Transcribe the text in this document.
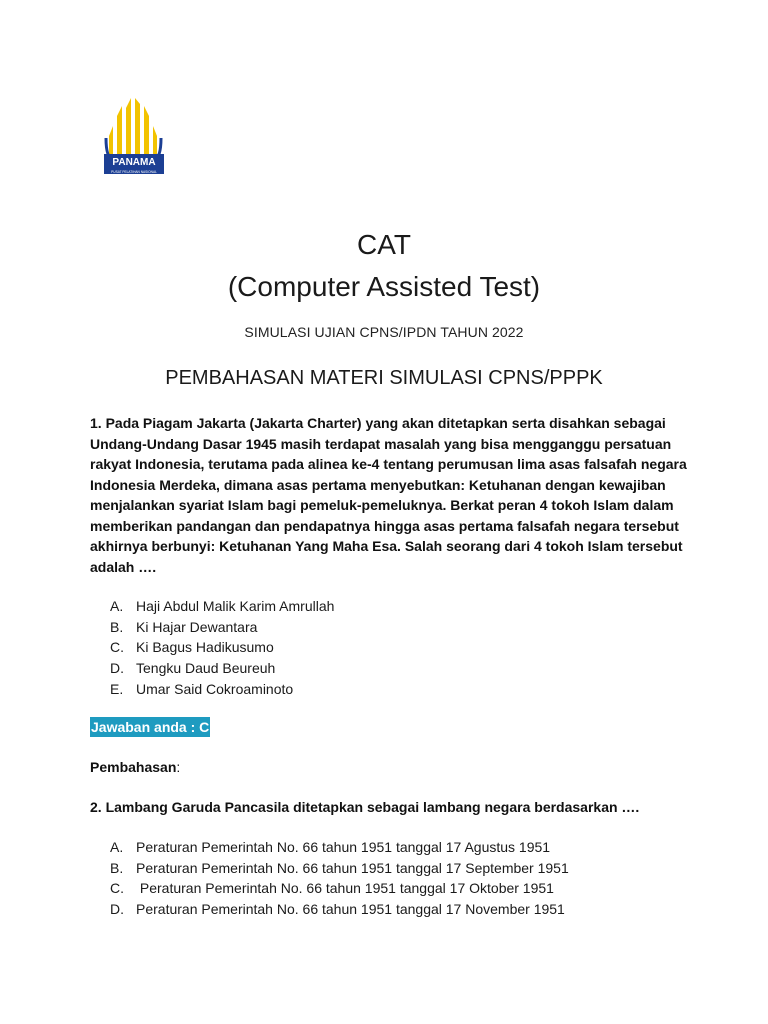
PANAMA
PUSAT PELATIHAN NASIONAL
CAT
(Computer Assisted Test)
SIMULASI UJIAN CPNS/IPDN TAHUN 2022
PEMBAHASAN MATERI SIMULASI CPNS/PPPK
1. Pada Piagam Jakarta (Jakarta Charter) yang akan ditetapkan serta disahkan sebagai Undang-Undang Dasar 1945 masih terdapat masalah yang bisa mengganggu persatuan rakyat Indonesia, terutama pada alinea ke-4 tentang perumusan lima asas falsafah negara Indonesia Merdeka, dimana asas pertama menyebutkan: Ketuhanan dengan kewajiban menjalankan syariat Islam bagi pemeluk-pemeluknya. Berkat peran 4 tokoh Islam dalam memberikan pandangan dan pendapatnya hingga asas pertama falsafah negara tersebut akhirnya berbunyi: Ketuhanan Yang Maha Esa. Salah seorang dari 4 tokoh Islam tersebut adalah ….
A. Haji Abdul Malik Karim Amrullah
B. Ki Hajar Dewantara
C. Ki Bagus Hadikusumo
D. Tengku Daud Beureuh
E. Umar Said Cokroaminoto
Jawaban anda : C
Pembahasan:
2. Lambang Garuda Pancasila ditetapkan sebagai lambang negara berdasarkan ….
A. Peraturan Pemerintah No. 66 tahun 1951 tanggal 17 Agustus 1951
B. Peraturan Pemerintah No. 66 tahun 1951 tanggal 17 September 1951
C. Peraturan Pemerintah No. 66 tahun 1951 tanggal 17 Oktober 1951
D. Peraturan Pemerintah No. 66 tahun 1951 tanggal 17 November 1951
